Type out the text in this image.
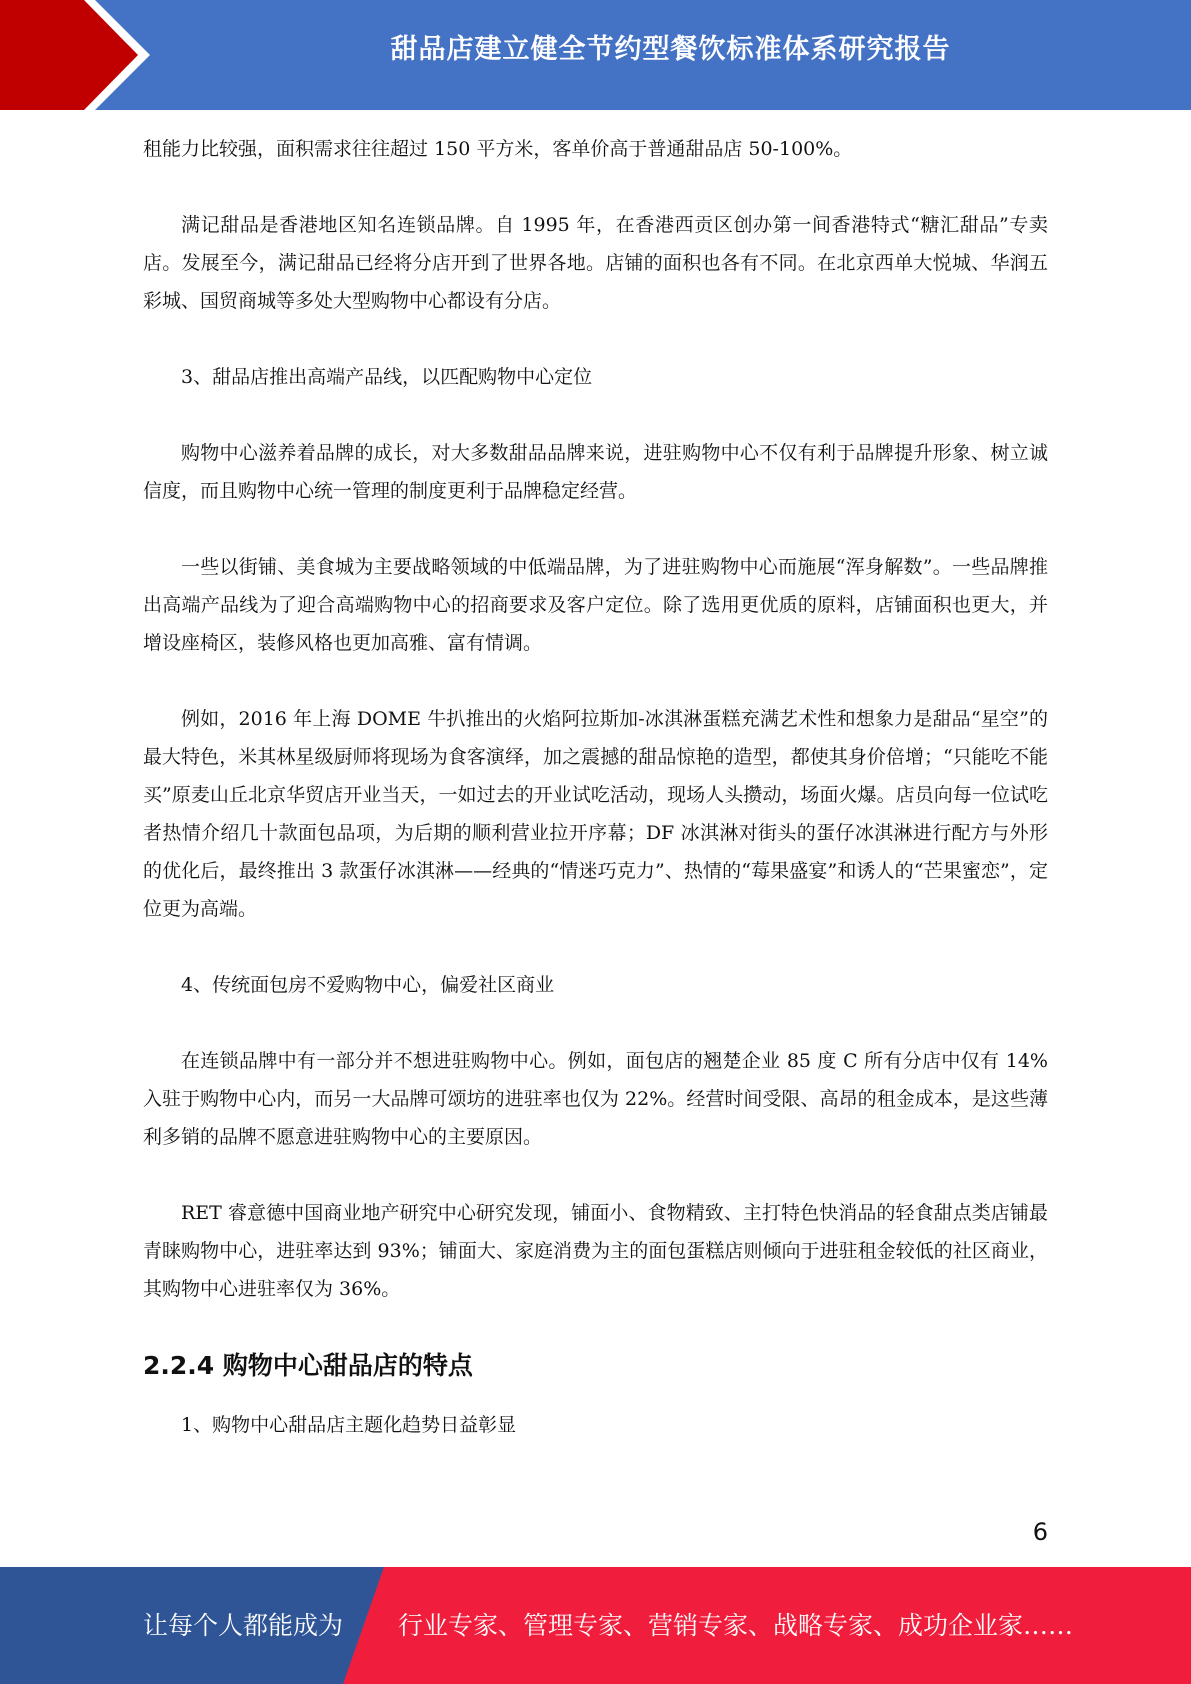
甜品店建立健全节约型餐饮标准体系研究报告

租能力比较强，面积需求往往超过 150 平方米，客单价高于普通甜品店 50-100%。

满记甜品是香港地区知名连锁品牌。自 1995 年，在香港西贡区创办第一间香港特式“糖汇甜品”专卖店。发展至今，满记甜品已经将分店开到了世界各地。店铺的面积也各有不同。在北京西单大悦城、华润五彩城、国贸商城等多处大型购物中心都设有分店。

3、甜品店推出高端产品线，以匹配购物中心定位

购物中心滋养着品牌的成长，对大多数甜品品牌来说，进驻购物中心不仅有利于品牌提升形象、树立诚信度，而且购物中心统一管理的制度更利于品牌稳定经营。

一些以街铺、美食城为主要战略领域的中低端品牌，为了进驻购物中心而施展“浑身解数”。一些品牌推出高端产品线为了迎合高端购物中心的招商要求及客户定位。除了选用更优质的原料，店铺面积也更大，并增设座椅区，装修风格也更加高雅、富有情调。

例如，2016 年上海 DOME 牛扒推出的火焰阿拉斯加-冰淇淋蛋糕充满艺术性和想象力是甜品“星空”的最大特色，米其林星级厨师将现场为食客演绎，加之震撼的甜品惊艳的造型，都使其身价倍增；“只能吃不能买”原麦山丘北京华贸店开业当天，一如过去的开业试吃活动，现场人头攒动，场面火爆。店员向每一位试吃者热情介绍几十款面包品项，为后期的顺利营业拉开序幕；DF 冰淇淋对街头的蛋仔冰淇淋进行配方与外形的优化后，最终推出 3 款蛋仔冰淇淋——经典的“情迷巧克力”、热情的“莓果盛宴”和诱人的“芒果蜜恋”，定位更为高端。

4、传统面包房不爱购物中心，偏爱社区商业

在连锁品牌中有一部分并不想进驻购物中心。例如，面包店的翘楚企业 85 度 C 所有分店中仅有 14%入驻于购物中心内，而另一大品牌可颂坊的进驻率也仅为 22%。经营时间受限、高昂的租金成本，是这些薄利多销的品牌不愿意进驻购物中心的主要原因。

RET 睿意德中国商业地产研究中心研究发现，铺面小、食物精致、主打特色快消品的轻食甜点类店铺最青睐购物中心，进驻率达到 93%；铺面大、家庭消费为主的面包蛋糕店则倾向于进驻租金较低的社区商业，其购物中心进驻率仅为 36%。

2.2.4 购物中心甜品店的特点

1、购物中心甜品店主题化趋势日益彰显

6
让每个人都能成为 行业专家、管理专家、营销专家、战略专家、成功企业家……
